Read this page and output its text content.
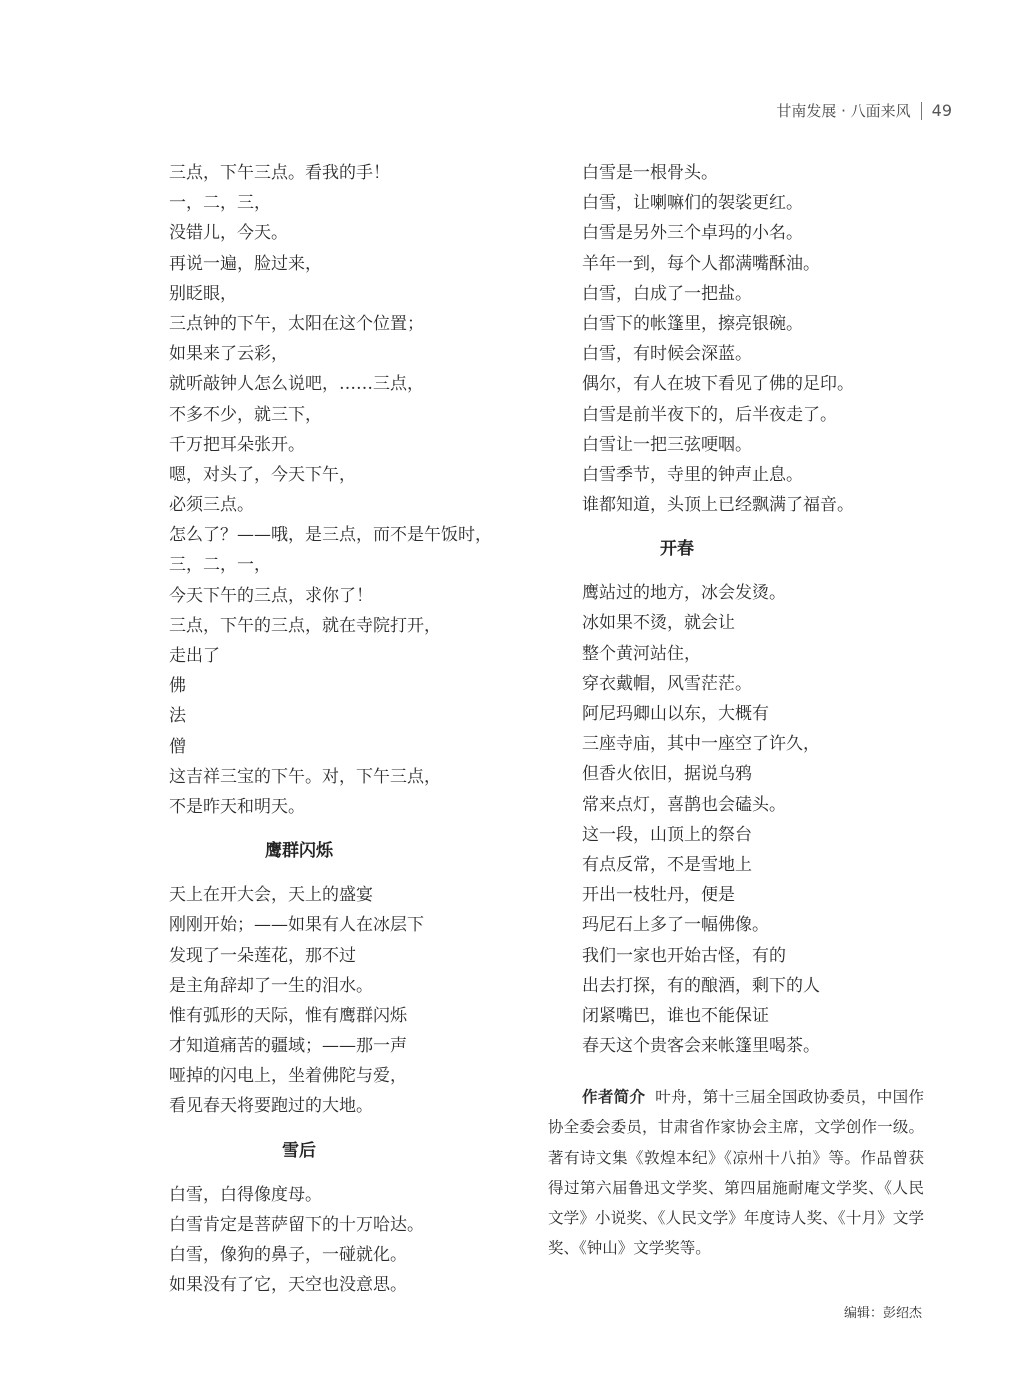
甘南发展 · 八面来风 49
三点，下午三点。看我的手！
一，二，三，
没错儿，今天。
再说一遍，脸过来，
别眨眼，
三点钟的下午，太阳在这个位置；
如果来了云彩，
就听敲钟人怎么说吧，……三点，
不多不少，就三下，
千万把耳朵张开。
嗯，对头了，今天下午，
必须三点。
怎么了？——哦，是三点，而不是午饭时，
三，二，一，
今天下午的三点，求你了！
三点，下午的三点，就在寺院打开，
走出了
佛
法
僧
这吉祥三宝的下午。对，下午三点，
不是昨天和明天。
鹰群闪烁
天上在开大会，天上的盛宴
刚刚开始；——如果有人在冰层下
发现了一朵莲花，那不过
是主角辞却了一生的泪水。
惟有弧形的天际，惟有鹰群闪烁
才知道痛苦的疆域；——那一声
哑掉的闪电上，坐着佛陀与爱，
看见春天将要跑过的大地。
雪后
白雪，白得像度母。
白雪肯定是菩萨留下的十万哈达。
白雪，像狗的鼻子，一碰就化。
如果没有了它，天空也没意思。
白雪是一根骨头。
白雪，让喇嘛们的袈裟更红。
白雪是另外三个卓玛的小名。
羊年一到，每个人都满嘴酥油。
白雪，白成了一把盐。
白雪下的帐篷里，擦亮银碗。
白雪，有时候会深蓝。
偶尔，有人在坡下看见了佛的足印。
白雪是前半夜下的，后半夜走了。
白雪让一把三弦哽咽。
白雪季节，寺里的钟声止息。
谁都知道，头顶上已经飘满了福音。
开春
鹰站过的地方，冰会发烫。
冰如果不烫，就会让
整个黄河站住，
穿衣戴帽，风雪茫茫。
阿尼玛卿山以东，大概有
三座寺庙，其中一座空了许久，
但香火依旧，据说乌鸦
常来点灯，喜鹊也会磕头。
这一段，山顶上的祭台
有点反常，不是雪地上
开出一枝牡丹，便是
玛尼石上多了一幅佛像。
我们一家也开始古怪，有的
出去打探，有的酿酒，剩下的人
闭紧嘴巴，谁也不能保证
春天这个贵客会来帐篷里喝茶。
作者简介 叶舟，第十三届全国政协委员，中国作协全委会委员，甘肃省作家协会主席，文学创作一级。著有诗文集《敦煌本纪》《凉州十八拍》等。作品曾获得过第六届鲁迅文学奖、第四届施耐庵文学奖、《人民文学》小说奖、《人民文学》年度诗人奖、《十月》文学奖、《钟山》文学奖等。
编辑：彭绍杰
